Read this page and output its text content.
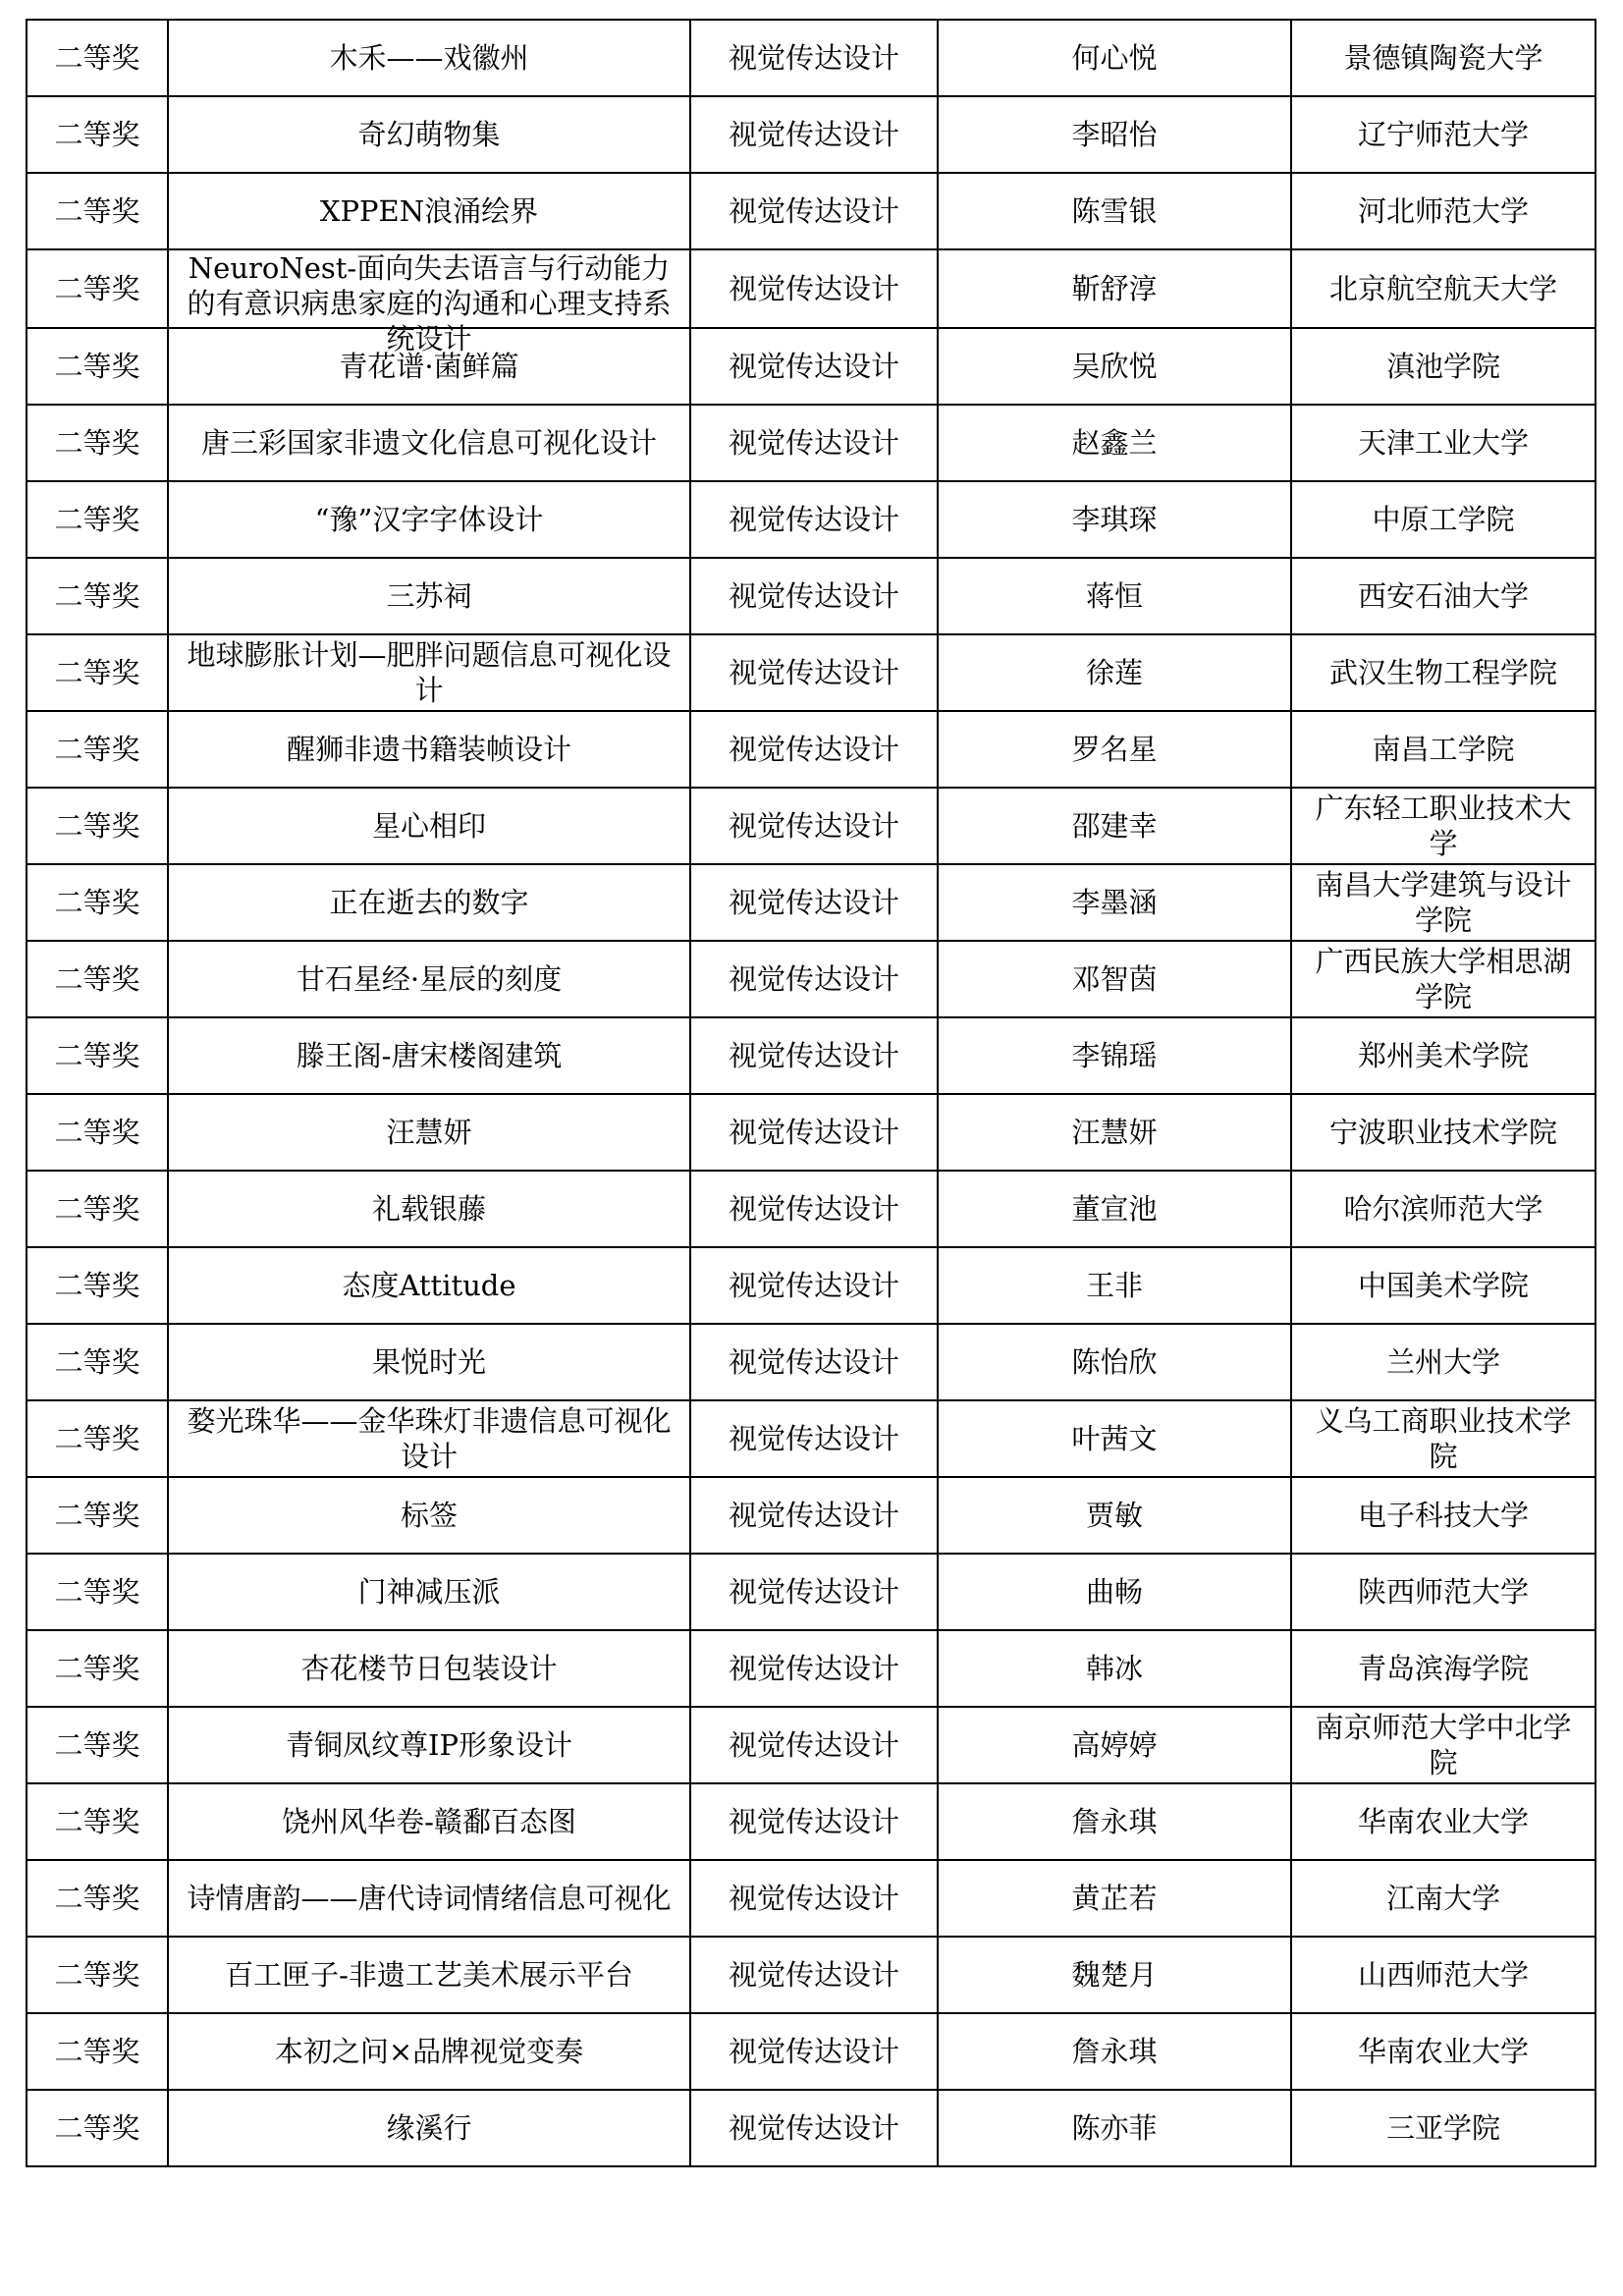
二等奖	木禾——戏徽州	视觉传达设计	何心悦	景德镇陶瓷大学

二等奖	奇幻萌物集	视觉传达设计	李昭怡	辽宁师范大学

二等奖	XPPEN浪涌绘界	视觉传达设计	陈雪银	河北师范大学

二等奖	NeuroNest-面向失去语言与行动能力的有意识病患家庭的沟通和心理支持系统设计	视觉传达设计	靳舒淳	北京航空航天大学

二等奖	青花谱·菌鲜篇	视觉传达设计	吴欣悦	滇池学院

二等奖	唐三彩国家非遗文化信息可视化设计	视觉传达设计	赵鑫兰	天津工业大学

二等奖	“豫”汉字字体设计	视觉传达设计	李琪琛	中原工学院

二等奖	三苏祠	视觉传达设计	蒋恒	西安石油大学

二等奖	地球膨胀计划—肥胖问题信息可视化设计	视觉传达设计	徐莲	武汉生物工程学院

二等奖	醒狮非遗书籍装帧设计	视觉传达设计	罗名星	南昌工学院

二等奖	星心相印	视觉传达设计	邵建幸	广东轻工职业技术大学

二等奖	正在逝去的数字	视觉传达设计	李墨涵	南昌大学建筑与设计学院

二等奖	甘石星经·星辰的刻度	视觉传达设计	邓智茵	广西民族大学相思湖学院

二等奖	滕王阁-唐宋楼阁建筑	视觉传达设计	李锦瑶	郑州美术学院

二等奖	汪慧妍	视觉传达设计	汪慧妍	宁波职业技术学院

二等奖	礼载银藤	视觉传达设计	董宣池	哈尔滨师范大学

二等奖	态度Attitude	视觉传达设计	王非	中国美术学院

二等奖	果悦时光	视觉传达设计	陈怡欣	兰州大学

二等奖	婺光珠华——金华珠灯非遗信息可视化设计	视觉传达设计	叶茜文	义乌工商职业技术学院

二等奖	标签	视觉传达设计	贾敏	电子科技大学

二等奖	门神减压派	视觉传达设计	曲畅	陕西师范大学

二等奖	杏花楼节日包装设计	视觉传达设计	韩冰	青岛滨海学院

二等奖	青铜凤纹尊IP形象设计	视觉传达设计	高婷婷	南京师范大学中北学院

二等奖	饶州风华卷-赣鄱百态图	视觉传达设计	詹永琪	华南农业大学

二等奖	诗情唐韵——唐代诗词情绪信息可视化	视觉传达设计	黄芷若	江南大学

二等奖	百工匣子-非遗工艺美术展示平台	视觉传达设计	魏楚月	山西师范大学

二等奖	本初之问×品牌视觉变奏	视觉传达设计	詹永琪	华南农业大学

二等奖	缘溪行	视觉传达设计	陈亦菲	三亚学院
